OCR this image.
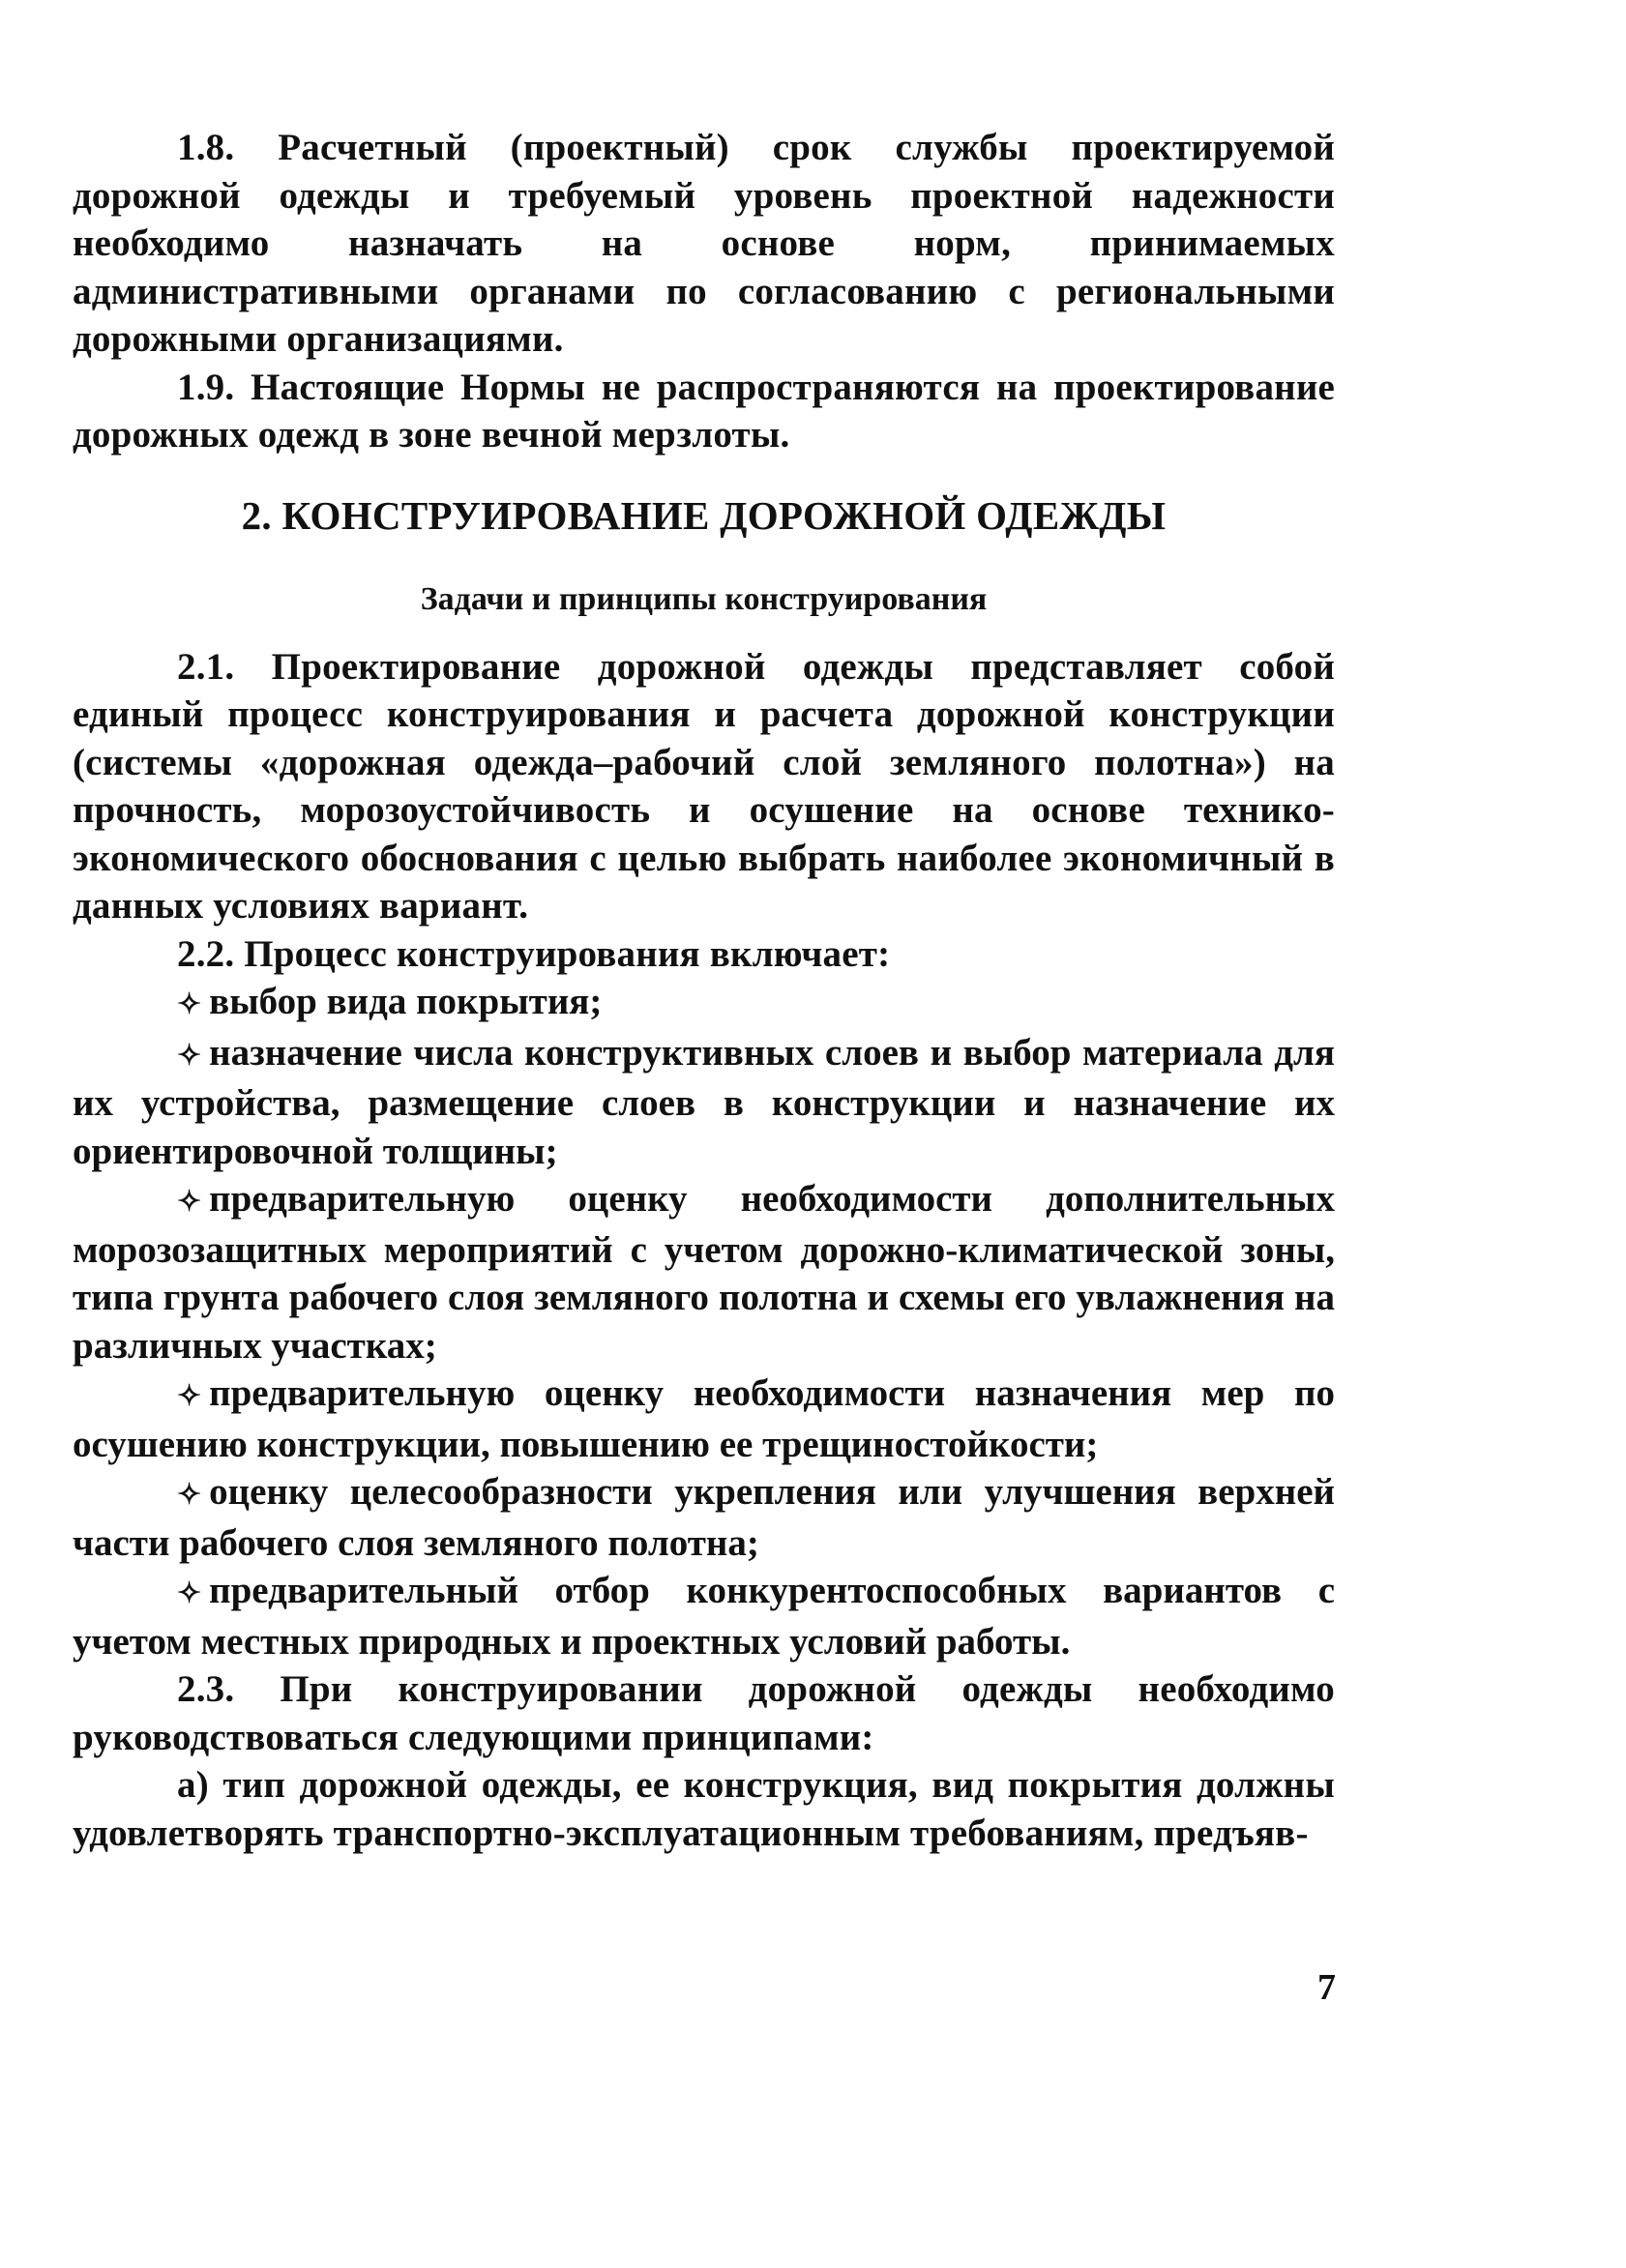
1.8. Расчетный (проектный) срок службы проектируемой дорожной одежды и требуемый уровень проектной надежности необходимо назначать на основе норм, принимаемых административными органами по согласованию с региональными дорожными организациями.

1.9. Настоящие Нормы не распространяются на проектирование дорожных одежд в зоне вечной мерзлоты.

2. КОНСТРУИРОВАНИЕ ДОРОЖНОЙ ОДЕЖДЫ
Задачи и принципы конструирования

2.1. Проектирование дорожной одежды представляет собой единый процесс конструирования и расчета дорожной конструкции (системы «дорожная одежда–рабочий слой земляного полотна») на прочность, морозоустойчивость и осушение на основе технико-экономического обоснования с целью выбрать наиболее экономичный в данных условиях вариант.

2.2. Процесс конструирования включает:

✧ выбор вида покрытия;

✧ назначение числа конструктивных слоев и выбор материала для их устройства, размещение слоев в конструкции и назначение их ориентировочной толщины;

✧ предварительную оценку необходимости дополнительных морозозащитных мероприятий с учетом дорожно-климатической зоны, типа грунта рабочего слоя земляного полотна и схемы его увлажнения на различных участках;

✧ предварительную оценку необходимости назначения мер по осушению конструкции, повышению ее трещиностойкости;

✧ оценку целесообразности укрепления или улучшения верхней части рабочего слоя земляного полотна;

✧ предварительный отбор конкурентоспособных вариантов с учетом местных природных и проектных условий работы.

2.3. При конструировании дорожной одежды необходимо руководствоваться следующими принципами:

а) тип дорожной одежды, ее конструкция, вид покрытия должны удовлетворять транспортно-эксплуатационным требованиям, предъяв-

7
